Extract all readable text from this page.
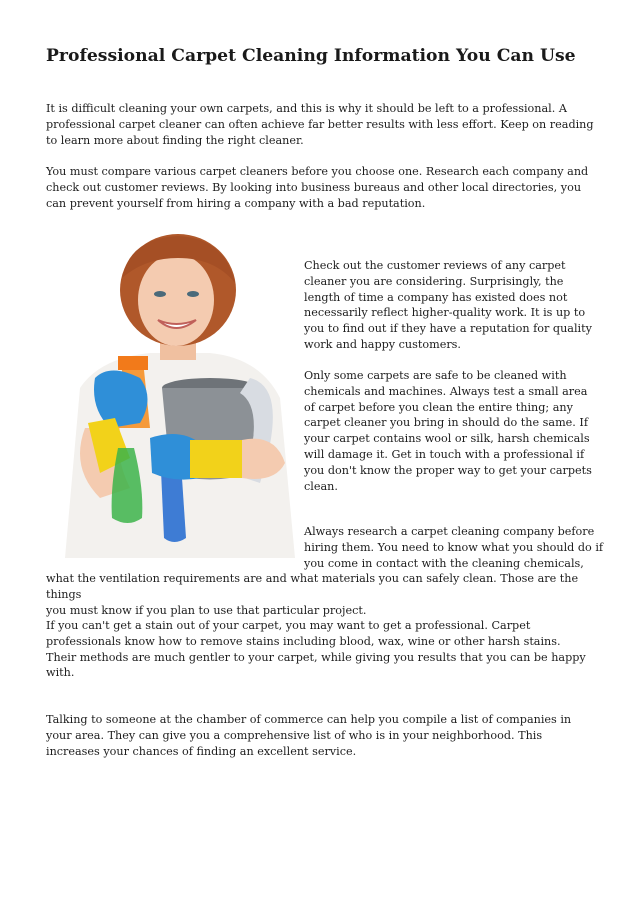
Professional Carpet Cleaning Information You Can Use

It is difficult cleaning your own carpets, and this is why it should be left to a professional. A professional carpet cleaner can often achieve far better results with less effort. Keep on reading to learn more about finding the right cleaner.

You must compare various carpet cleaners before you choose one. Research each company and check out customer reviews. By looking into business bureaus and other local directories, you can prevent yourself from hiring a company with a bad reputation.

Check out the customer reviews of any carpet cleaner you are considering. Surprisingly, the length of time a company has existed does not necessarily reflect higher-quality work. It is up to you to find out if they have a reputation for quality work and happy customers.

Only some carpets are safe to be cleaned with chemicals and machines. Always test a small area of carpet before you clean the entire thing; any carpet cleaner you bring in should do the same. If your carpet contains wool or silk, harsh chemicals will damage it. Get in touch with a professional if you don't know the proper way to get your carpets clean.

Always research a carpet cleaning company before
hiring them. You need to know what you should do if
you come in contact with the cleaning chemicals,
what the ventilation requirements are and what materials you can safely clean. Those are the things
you must know if you plan to use that particular project.

If you can't get a stain out of your carpet, you may want to get a professional. Carpet professionals know how to remove stains including blood, wax, wine or other harsh stains. Their methods are much gentler to your carpet, while giving you results that you can be happy with.

Talking to someone at the chamber of commerce can help you compile a list of companies in your area. They can give you a comprehensive list of who is in your neighborhood. This increases your chances of finding an excellent service.
